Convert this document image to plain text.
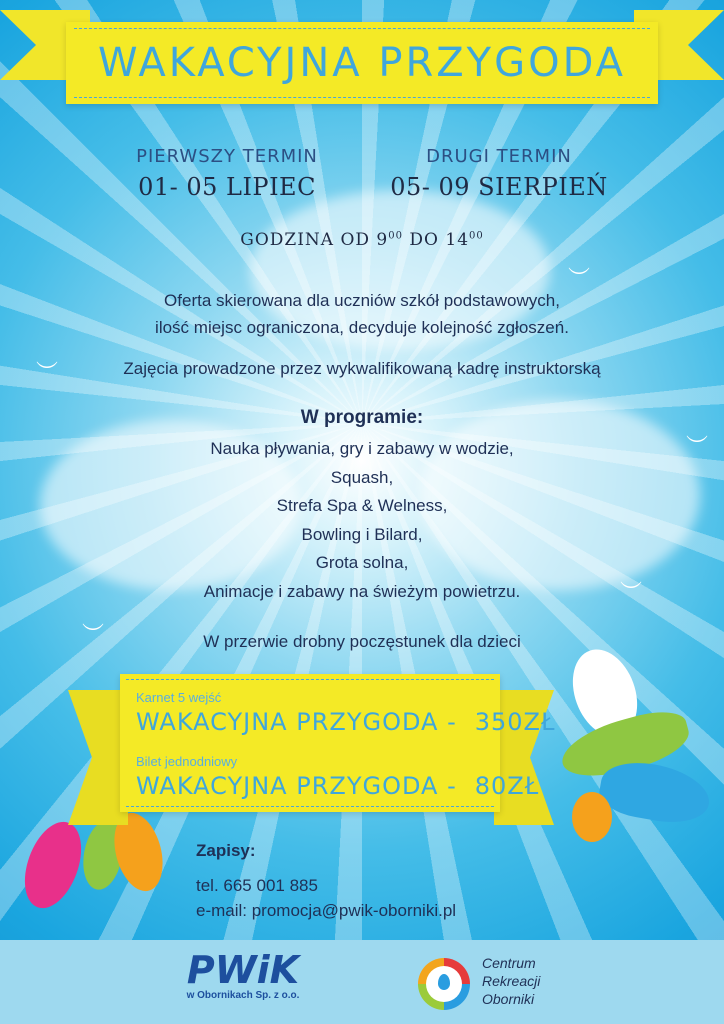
︶
︶
︶
︶
︶
WAKACYJNA PRZYGODA
PIERWSZY TERMIN
01- 05 LIPIEC
DRUGI TERMIN
05- 09 SIERPIEŃ
GODZINA OD $9^{00}$ DO $14^{00}$
Oferta skierowana dla uczniów szkół podstawowych,
ilość miejsc ograniczona, decyduje kolejność zgłoszeń.
Zajęcia prowadzone przez wykwalifikowaną kadrę instruktorską
W programie:
Nauka pływania, gry i zabawy w wodzie,
Squash,
Strefa Spa & Welness,
Bowling i Bilard,
Grota solna,
Animacje i zabawy na świeżym powietrzu.
W przerwie drobny poczęstunek dla dzieci
Karnet 5 wejść
WAKACYJNA PRZYGODA - 350ZŁ
Bilet jednodniowy
WAKACYJNA PRZYGODA - 80ZŁ
Zapisy:
tel. 665 001 885
e-mail: promocja@pwik-oborniki.pl
PWiK
w Obornikach Sp. z o.o.
Centrum
Rekreacji
Oborniki
